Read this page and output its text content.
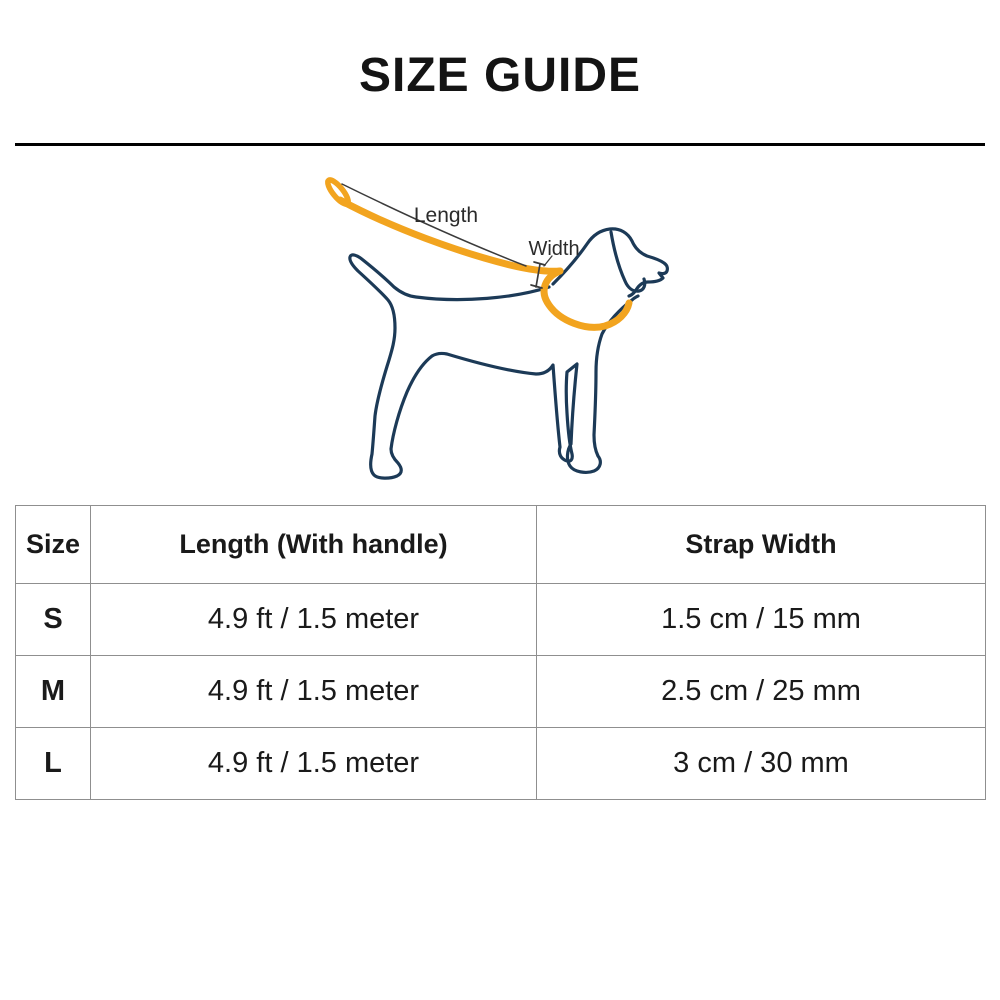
SIZE GUIDE
Length
Width
Size	Length (With handle)	Strap Width
S	4.9 ft / 1.5 meter	1.5 cm / 15 mm
M	4.9 ft / 1.5 meter	2.5 cm / 25 mm
L	4.9 ft / 1.5 meter	3 cm / 30 mm
